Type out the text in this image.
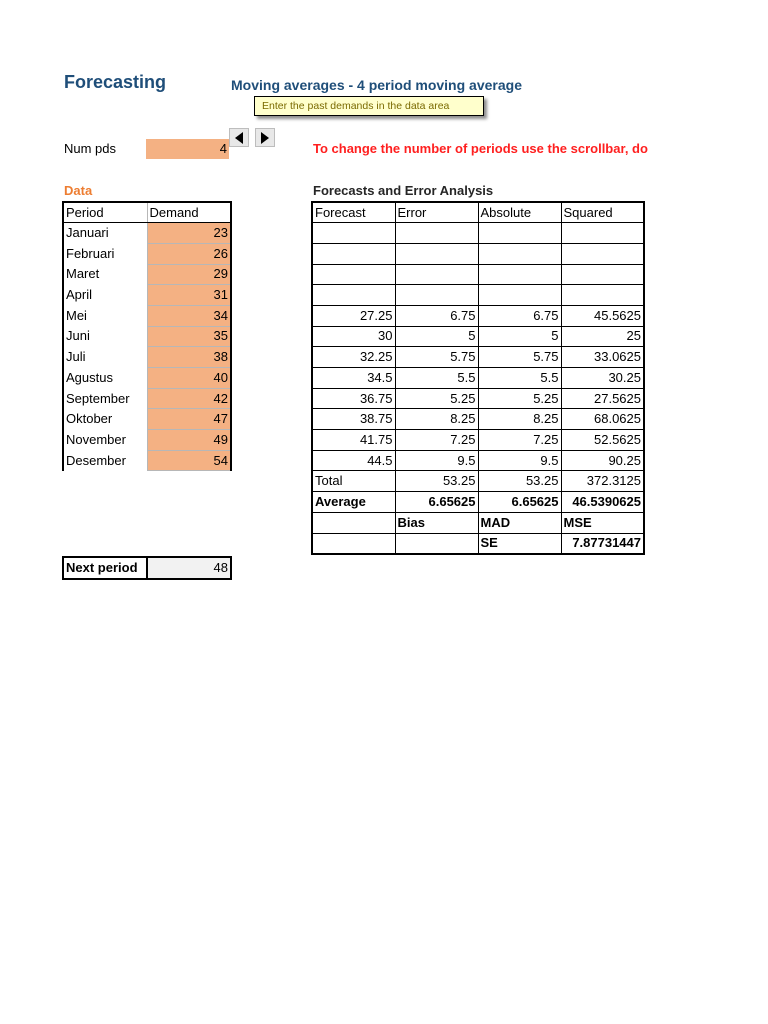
Forecasting	Moving averages - 4 period moving average
Enter the past demands in the data area
Num pds	4	To change the number of periods use the scrollbar, do
Data	Forecasts and Error Analysis
Period	Demand
Januari	23
Februari	26
Maret	29
April	31
Mei	34
Juni	35
Juli	38
Agustus	40
September	42
Oktober	47
November	49
Desember	54
Forecast	Error	Absolute	Squared

27.25	6.75	6.75	45.5625
30	5	5	25
32.25	5.75	5.75	33.0625
34.5	5.5	5.5	30.25
36.75	5.25	5.25	27.5625
38.75	8.25	8.25	68.0625
41.75	7.25	7.25	52.5625
44.5	9.5	9.5	90.25
Total	53.25	53.25	372.3125
Average	6.65625	6.65625	46.5390625
	Bias	MAD	MSE
		SE	7.87731447
Next period	48
